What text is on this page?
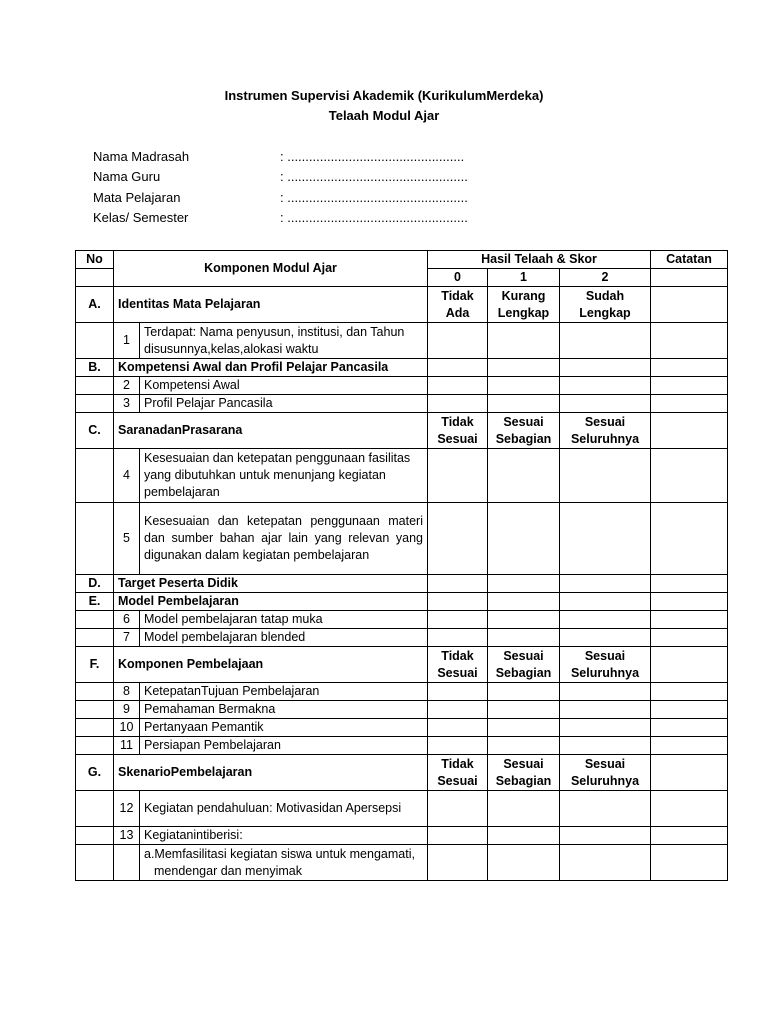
Instrumen Supervisi Akademik (KurikulumMerdeka)
Telaah Modul Ajar
Nama Madrasah	: .................................................
Nama Guru	: ..................................................
Mata Pelajaran	: ..................................................
Kelas/ Semester	: ..................................................
No	Komponen Modul Ajar		Hasil Telaah & Skor			Catatan
			0	1	2	
A.	Identitas Mata Pelajaran		Tidak Ada	Kurang Lengkap	Sudah Lengkap	
	1	Terdapat: Nama penyusun, institusi, dan Tahun disusunnya,kelas,alokasi waktu				
B.	Kompetensi Awal dan Profil Pelajar Pancasila					
	2	Kompetensi Awal				
	3	Profil Pelajar Pancasila				
C.	SaranadanPrasarana		Tidak Sesuai	Sesuai Sebagian	Sesuai Seluruhnya	
	4	Kesesuaian dan ketepatan penggunaan fasilitas yang dibutuhkan untuk menunjang kegiatan pembelajaran				
	5	Kesesuaian dan ketepatan penggunaan materi dan sumber bahan ajar lain yang relevan yang digunakan dalam kegiatan pembelajaran				
D.	Target Peserta Didik					
E.	Model Pembelajaran					
	6	Model pembelajaran tatap muka				
	7	Model pembelajaran blended				
F.	Komponen Pembelajaan		Tidak Sesuai	Sesuai Sebagian	Sesuai Seluruhnya	
	8	KetepatanTujuan Pembelajaran				
	9	Pemahaman Bermakna				
	10	Pertanyaan Pemantik				
	11	Persiapan Pembelajaran				
G.	SkenarioPembelajaran		Tidak Sesuai	Sesuai Sebagian	Sesuai Seluruhnya	
	12	Kegiatan pendahuluan: Motivasidan Apersepsi				
	13	Kegiatanintiberisi:				
		a.Memfasilitasi kegiatan siswa untuk mengamati, mendengar dan menyimak				
